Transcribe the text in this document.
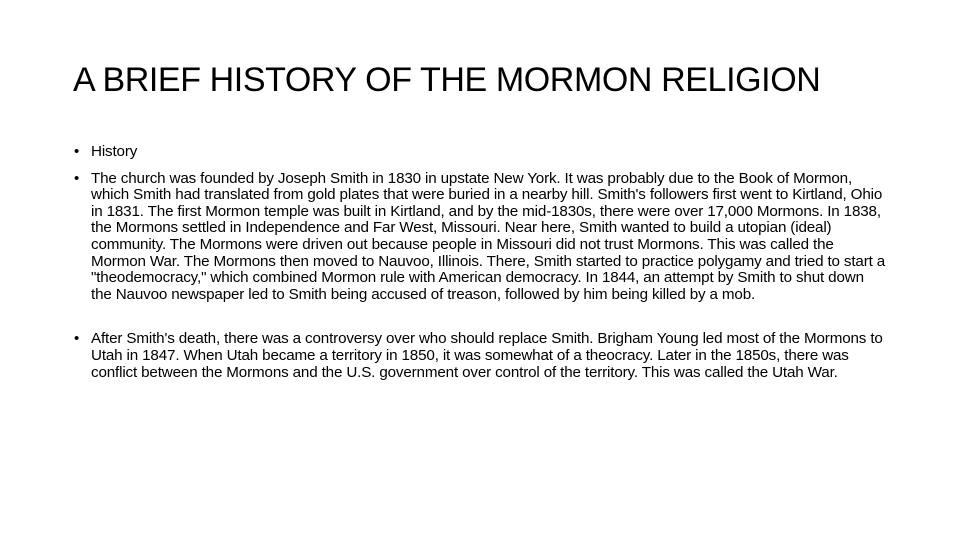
A BRIEF HISTORY OF THE MORMON RELIGION
• History
• The church was founded by Joseph Smith in 1830 in upstate New York. It was probably due to the Book of Mormon, which Smith had translated from gold plates that were buried in a nearby hill. Smith's followers first went to Kirtland, Ohio in 1831. The first Mormon temple was built in Kirtland, and by the mid-1830s, there were over 17,000 Mormons. In 1838, the Mormons settled in Independence and Far West, Missouri. Near here, Smith wanted to build a utopian (ideal) community. The Mormons were driven out because people in Missouri did not trust Mormons. This was called the Mormon War. The Mormons then moved to Nauvoo, Illinois. There, Smith started to practice polygamy and tried to start a "theodemocracy," which combined Mormon rule with American democracy. In 1844, an attempt by Smith to shut down the Nauvoo newspaper led to Smith being accused of treason, followed by him being killed by a mob.
• After Smith's death, there was a controversy over who should replace Smith. Brigham Young led most of the Mormons to Utah in 1847. When Utah became a territory in 1850, it was somewhat of a theocracy. Later in the 1850s, there was conflict between the Mormons and the U.S. government over control of the territory. This was called the Utah War.
